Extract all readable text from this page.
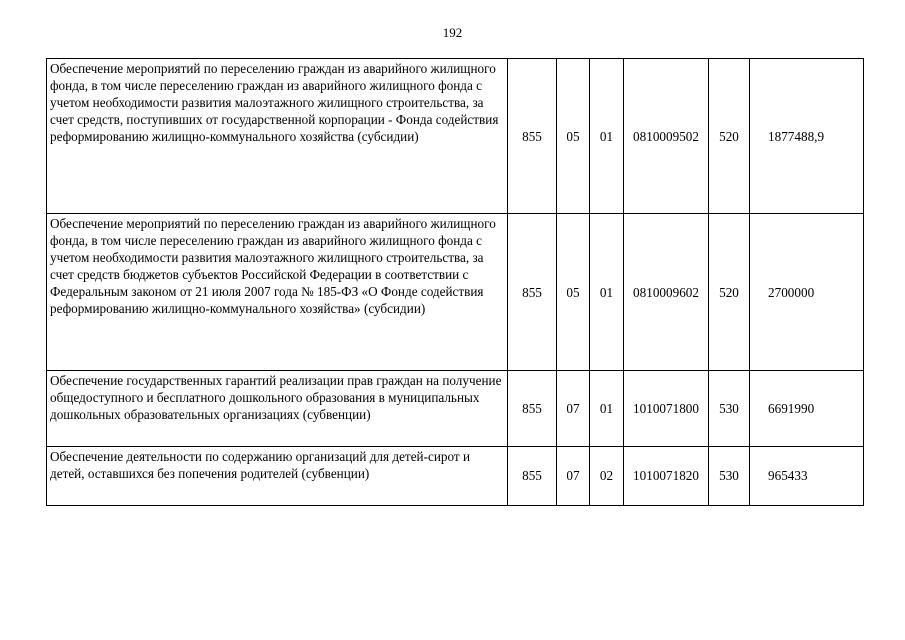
192
Обеспечение мероприятий по переселению граждан из аварийного жилищного фонда, в том числе переселению граждан из аварийного жилищного фонда с учетом необходимости развития малоэтажного жилищного строительства, за счет средств, поступивших от государственной корпорации - Фонда содействия реформированию жилищно-коммунального хозяйства (субсидии)	855	05	01	0810009502	520	1877488,9
Обеспечение мероприятий по переселению граждан из аварийного жилищного фонда, в том числе переселению граждан из аварийного жилищного фонда с учетом необходимости развития малоэтажного жилищного строительства, за счет средств бюджетов субъектов Российской Федерации в соответствии с Федеральным законом от 21 июля 2007 года № 185-ФЗ «О Фонде содействия реформированию жилищно-коммунального хозяйства» (субсидии)	855	05	01	0810009602	520	2700000
Обеспечение государственных гарантий реализации прав граждан на получение общедоступного и бесплатного дошкольного образования в муниципальных дошкольных образовательных организациях (субвенции)	855	07	01	1010071800	530	6691990
Обеспечение деятельности по содержанию организаций для детей-сирот и детей, оставшихся без попечения родителей (субвенции)	855	07	02	1010071820	530	965433
